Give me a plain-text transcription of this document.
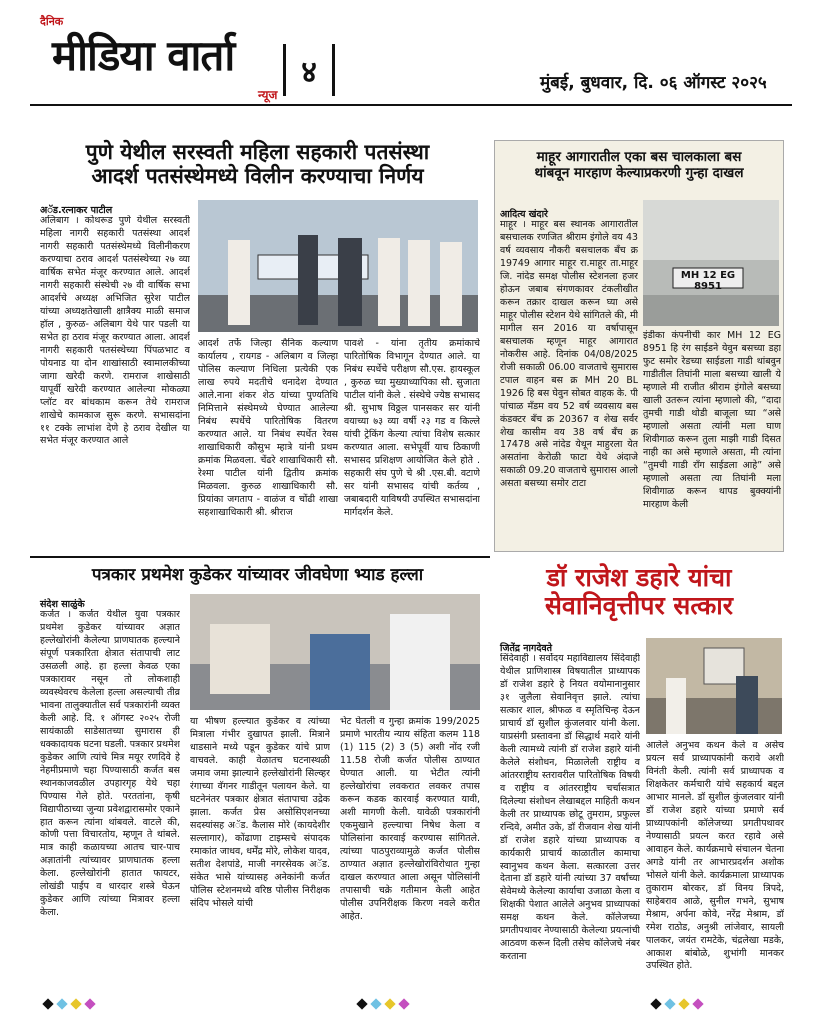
दैनिक
मीडिया वार्ता
न्यूज
४	मुंबई, बुधवार, दि. ०६ ऑगस्ट २०२५
पुणे येथील सरस्वती महिला सहकारी पतसंस्था
आदर्श पतसंस्थेमध्ये विलीन करण्याचा निर्णय
अॅड.रत्नाकर पाटील
अलिबाग । कोथरूड पुणे येथील सरस्वती महिला नागरी सहकारी पतसंस्था आदर्श नागरी सहकारी पतसंस्थेमध्ये विलीनीकरण करण्याचा ठराव आदर्श पतसंस्थेच्या २७ व्या वार्षिक सभेत मंजूर करण्यात आले. आदर्श नागरी सहकारी संस्थेची २७ वी वार्षिक सभा आदर्शचे अध्यक्ष अभिजित सुरेश पाटील यांच्या अध्यक्षतेखाली क्षात्रैक्य माळी समाज हॉल , कुरुळ- अलिबाग येथे पार पडली या सभेत हा ठराव मंजूर करण्यात आला. आदर्श नागरी सहकारी पतसंस्थेच्या पिंपळभाट व पोयनाड या दोन शाखांसाठी स्वामालकीच्या जागा खरेदी करणे. रामराज शाखेसाठी यापूर्वी खरेदी करण्यात आलेल्या मोकळ्या प्लॉट वर बांधकाम करून तेथे रामराज शाखेचे कामकाज सुरू करणे. सभासदांना ११ टक्के लाभांश देणे हे ठराव देखील या सभेत मंजूर करण्यात आले
आदर्श तर्फे जिल्हा सैनिक कल्याण कार्यालय , रायगड - अलिबाग व जिल्हा पोलिस कल्याण निधिला प्रत्येकी एक लाख रुपये मदतीचे धनादेश देण्यात आले.नाना शंकर शेठ यांच्या पुण्यतिथि निमित्ताने संस्थेमध्ये घेण्यात आलेल्या निबंध स्पर्धेचे पारितोषिक वितरण करण्यात आले. या निबंध स्पर्धेत रेवस शाखाधिकारी कौसुभ म्हात्रे यांनी प्रथम क्रमांक मिळवला. चेंढरे शाखाधिकारी सौ. रेश्मा पाटील यांनी द्वितीय क्रमांक मिळवला. कुरुळ शाखाधिकारी सौ. प्रियांका जगताप - वाळंज व चोंढी शाखा सहशाखाधिकारी श्री. श्रीराज
पावशे - यांना तृतीय क्रमांकाचे पारितोषिक विभागून देण्यात आले. या निबंध स्पर्धेचे परीक्षण सौ.एस. हायस्कूल , कुरुळ च्या मुख्याध्यापिका सौ. सुजाता पाटील यांनी केले . संस्थेचे ज्येष्ठ सभासद श्री. सुभाष विठ्ठल पानसकर सर यांनी वयाच्या ७३ व्या वर्षी २३ गड व किल्ले यांची ट्रेकिंग केल्या त्यांचा विशेष सत्कार करण्यात आला. सभेपूर्वी याच ठिकाणी सभासद प्रशिक्षण आयोजित केले होते . सहकारी संघ पुणे चे श्री .एस.बी. वटाणे सर यांनी सभासद यांची कर्तव्य , जबाबदारी याविषयी उपस्थित सभासदांना मार्गदर्शन केले.
माहूर आगारातील एका बस चालकाला बस
थांबवून मारहाण केल्याप्रकरणी गुन्हा दाखल
आदित्य खंदारे
माहूर । माहूर बस स्थानक आगारातील बसचालक रणजित श्रीराम इंगोले वय 43 वर्ष व्यवसाय नौकरी बसचालक बँच क्र 19749 आगार माहूर रा.माहूर ता.माहूर जि. नांदेड समक्ष पोलीस स्टेशनला हजर होऊन जबाब संगणकावर टंकलीखीत करून तक्रार दाखल करून घ्या असे माहूर पोलीस स्टेशन येथे सांगितले की, मी मागील सन 2016 या वर्षापासून बसचालक म्हणून माहूर आगारात नोकरीस आहे. दिनांक 04/08/2025 रोजी सकाळी 06.00 वाजताचे सुमारास टपाल वाहन बस क्र MH 20 BL 1926 हि बस घेवुन सोबत वाहक के. पी पांचाळ मँडम वय 52 वर्ष व्यवसाय बस कंडक्टर बँच क्र 20367 व शेख सर्वर शेख कासीम वय 38 वर्ष बँच क्र 17478 असे नांदेड येथून माहुरला येत असतांना केरोळी फाटा येथे अंदाजे सकाळी 09.20 वाजताचे सुमारास आलो असता बसच्या समोर टाटा
MH 12 EG 8951
इंडीका कंपनीची कार MH 12 EG 8951 हि रंग साईडने येवुन बसच्या डहा फुट समोर रेडच्या साईडला गाडी थांबवुन गाडीतील तिघांनी माला बसच्या खाली ये म्हणाले मी राजीत श्रीराम इंगोले बसच्या खाली उतरून त्यांना म्हणालो की, “दादा तुमची गाडी थोडी बाजूला घ्या “असे म्हणालो असता त्यांनी मला घाण शिवीगाळ करून तुला माझी गाडी दिसत नाही का असे म्हणाले असता, मी त्यांना “तुमची गाडी रॉंग साईडला आहे” असे म्हणालो असता त्या तिघांनी मला शिवीगाळ करून थापड बुक्क्यांनी मारहाण केली
पत्रकार प्रथमेश कुडेकर यांच्यावर जीवघेणा भ्याड हल्ला
संदेश साळुंके
कर्जत । कर्जत येथील युवा पत्रकार प्रथमेश कुडेकर यांच्यावर अज्ञात हल्लेखोरांनी केलेल्या प्राणघातक हल्ल्याने संपूर्ण पत्रकारिता क्षेत्रात संतापाची लाट उसळली आहे. हा हल्ला केवळ एका पत्रकारावर नसून तो लोकशाही व्यवस्थेवरच केलेला हल्ला असल्याची तीव्र भावना तालुक्यातील सर्व पत्रकारांनी व्यक्त केली आहे. दि. १ ऑगस्ट २०२५ रोजी सायंकाळी साडेसातच्या सुमारास ही धक्कादायक घटना घडली. पत्रकार प्रथमेश कुडेकर आणि त्यांचे मित्र मयूर रणदिवे हे नेहमीप्रमाणे चहा पिण्यासाठी कर्जत बस स्थानकाजवळील उपहारगृह येथे चहा पिण्यास गेले होते. परततांना, कृषी विद्यापीठाच्या जुन्या प्रवेशद्वारासमोर एकाने हात करून त्यांना थांबवले. वाटले की, कोणी पत्ता विचारतोय, म्हणून ते थांबले. मात्र काही कळायच्या आतच चार-पाच अज्ञातांनी त्यांच्यावर प्राणघातक हल्ला केला. हल्लेखोरांनी हातात फायटर, लोखंडी पाईप व धारदार शस्त्रे घेऊन कुडेकर आणि त्यांच्या मित्रावर हल्ला केला.
या भीषण हल्ल्यात कुडेकर व त्यांच्या मित्राला गंभीर दुखापत झाली. मित्राने धाडसाने मध्ये पडून कुडेकर यांचे प्राण वाचवले. काही वेळातच घटनास्थळी जमाव जमा झाल्याने हल्लेखोरांनी सिल्व्हर रंगाच्या वॅगनर गाडीतून पलायन केले. या घटनेनंतर पत्रकार क्षेत्रात संतापाचा उद्रेक झाला. कर्जत प्रेस असोसिएशनच्या सदस्यांसह अॅड. कैलास मोरे (कायदेशीर सल्लागार), कोंढाणा टाइम्सचे संपादक रमाकांत जाधव, धर्मेंद्र मोरे, लोकेश यादव, सतीश देशपांडे, माजी नगरसेवक अॅड. संकेत भासे यांच्यासह अनेकांनी कर्जत पोलिस स्टेशनमध्ये वरिष्ठ पोलीस निरीक्षक संदिप भोसले यांची
भेट घेतली व गुन्हा क्रमांक 199/2025 प्रमाणे भारतीय न्याय संहिता कलम 118 (1) 115 (2) 3 (5) अशी नोंद रजी 11.58 रोजी कर्जत पोलीस ठाण्यात घेण्यात आली. या भेटीत त्यांनी हल्लेखोरांचा लवकरात लवकर तपास करून कडक कारवाई करण्यात यावी, अशी मागणी केली. यावेळी पत्रकारांनी एकमुखाने हल्ल्याचा निषेध केला व पोलिसांना कारवाई करण्यास सांगितले. त्यांच्या पाठपुराव्यामुळे कर्जत पोलीस ठाण्यात अज्ञात हल्लेखोरांविरोधात गुन्हा दाखल करण्यात आला असून पोलिसांनी तपासाची चक्रे गतीमान केली आहेत पोलीस उपनिरीक्षक किरण नवले करीत आहेत.
डॉ राजेश डहारे यांचा
सेवानिवृत्तीपर सत्कार
जितेंद्र नागदेवते
सिंदेवाही । सर्वोदय महाविद्यालय सिंदेवाही येथील प्राणिशास्त्र विषयातील प्राध्यापक डॉ राजेश डहारे हे नियत वयोमानानुसार ३१ जुलैला सेवानिवृत्त झाले. त्यांचा सत्कार शाल, श्रीफळ व स्मृतिचिन्ह देऊन प्राचार्य डॉ सुशील कुंजलवार यांनी केला. याप्रसंगी प्रस्तावना डॉ सिद्धार्थ मदारे यांनी केली त्यामध्ये त्यांनी डॉ राजेश डहारे यांनी केलेले संशोधन, मिळालेली राष्ट्रीय व आंतरराष्ट्रीय स्तरावरील पारितोषिक विषयी व राष्ट्रीय व आंतरराष्ट्रीय चर्चासत्रात दिलेल्या संशोधन लेखाबद्दल माहिती कथन केली तर प्राध्यापक छोटू तुमराम, प्रफुल्ल रन्दिवे, अमीत उके, डॉ रीजवान शेख यांनी डॉ राजेश डहारे यांच्या प्राध्यापक व कार्यकारी प्राचार्य काळातील कामाचा स्वानुभव कथन केला. सत्कारला उत्तर देताना डॉ डहारे यांनी त्यांच्या 37 वर्षांच्या सेवेमध्ये केलेल्या कार्याचा उजाळा केला व शिक्षकी पेशात आलेले अनुभव प्राध्यापकां समक्ष कथन केले. कॉलेजच्या प्रगतीपथावर नेण्यासाठी केलेल्या प्रयत्नांची आठवण करून दिली तसेच कॉलेजचे नंबर करताना
आलेले अनुभव कथन केले व असेच प्रयत्न सर्व प्राध्यापकांनी करावे अशी विनंती केली. त्यांनी सर्व प्राध्यापक व शिक्षकेतर कर्मचारी यांचे सहकार्य बद्दल आभार मानले. डॉ सुशील कुंजलवार यांनी डॉ राजेश डहारे यांच्या प्रमाणे सर्व प्राध्यापकांनी कॉलेजच्या प्रगतीपथावर नेण्यासाठी प्रयत्न करत रहावे असे आवाहन केले. कार्यक्रमाचे संचालन चेतना अगडे यांनी तर आभारप्रदर्शन अशोक भोसले यांनी केले. कार्यक्रमाला प्राध्यापक तुकाराम बोरकर, डॉ विनय त्रिपदे, साहेबराव आळे, सुनील गभने, सुभाष मेश्राम, अर्पना कोवे, नरेंद्र मेश्राम, डॉ रमेश राठोड, अनुश्री लांजेवार, सायली पालकर, जयंत रामटेके, चंद्रलेखा मडके, आकाश बांबोळे, शुभांगी मानकर उपस्थित होते.
